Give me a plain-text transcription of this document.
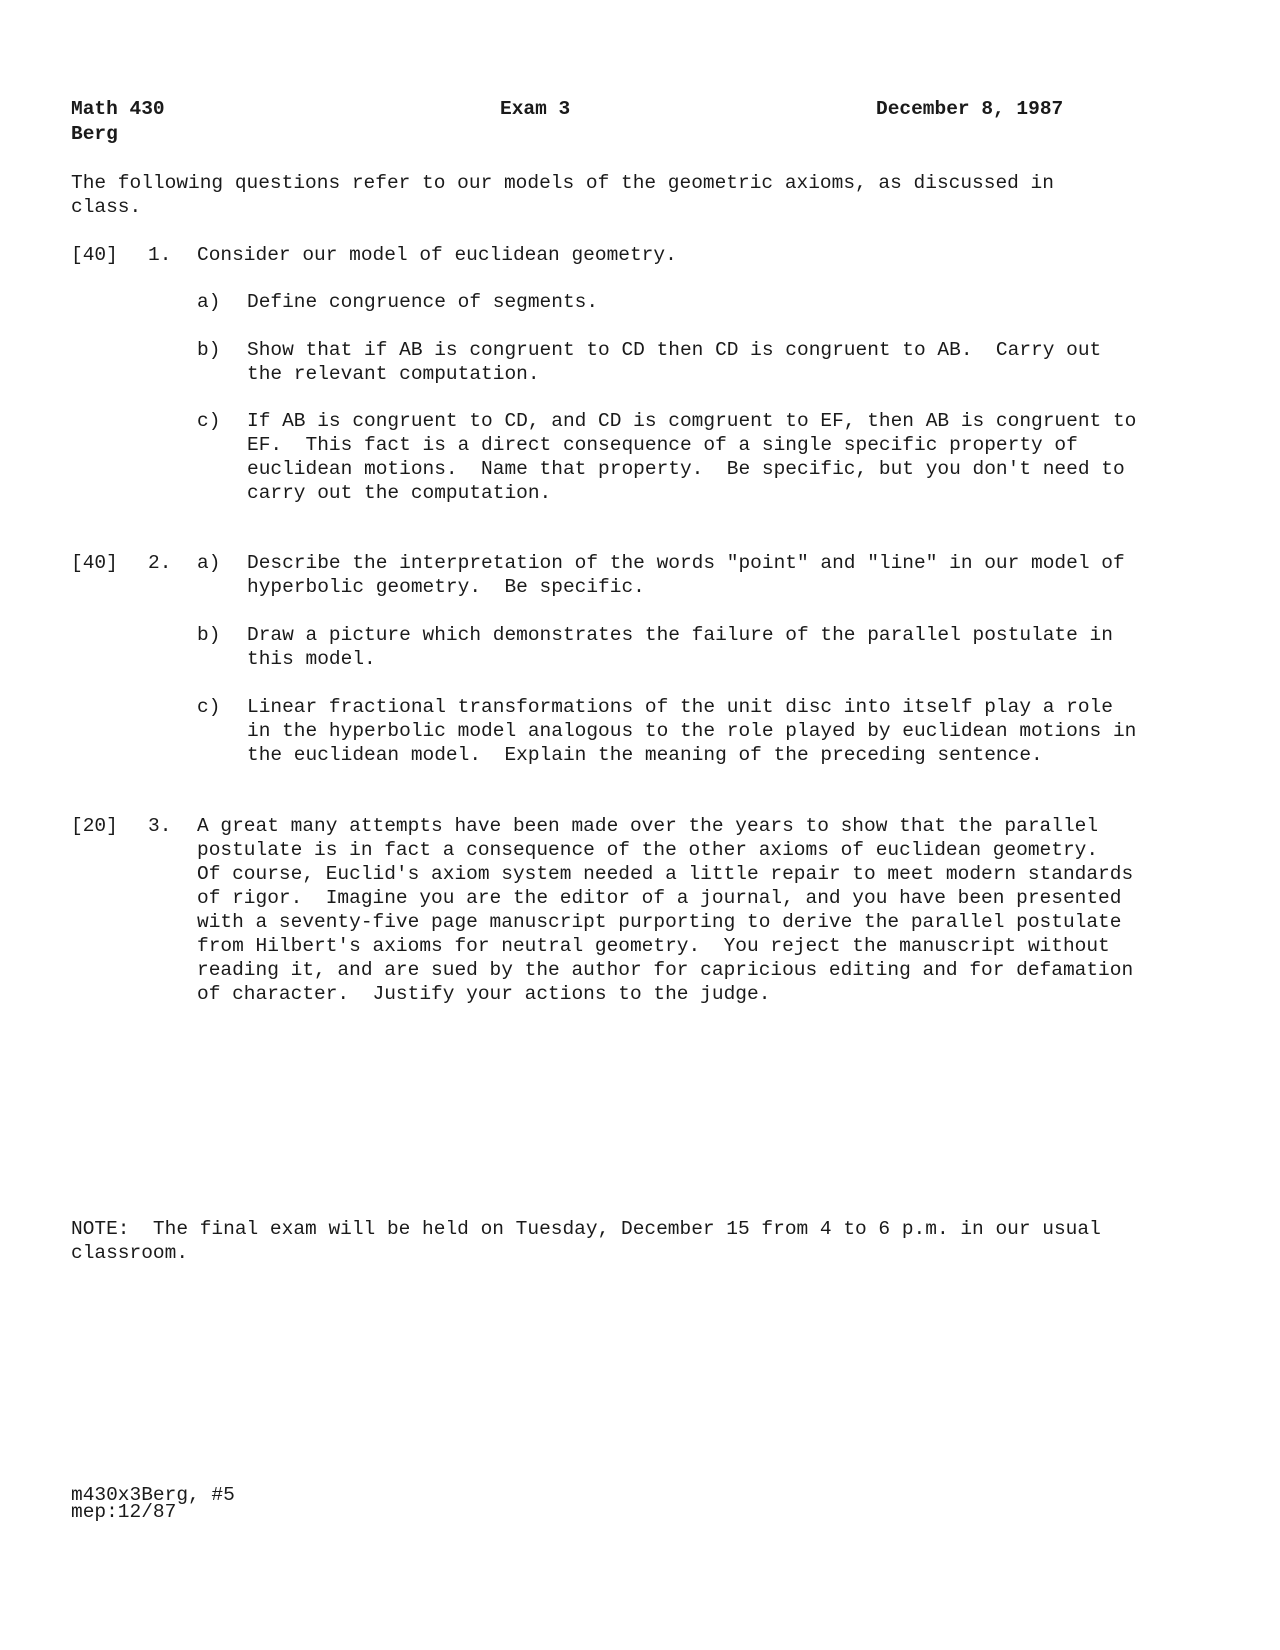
Math 430
Berg
Exam 3	December 8, 1987
The following questions refer to our models of the geometric axioms, as discussed in
class.
[40] 1. Consider our model of euclidean geometry.
a) Define congruence of segments.
b) Show that if AB is congruent to CD then CD is congruent to AB.  Carry out
the relevant computation.
c) If AB is congruent to CD, and CD is comgruent to EF, then AB is congruent to
EF.  This fact is a direct consequence of a single specific property of
euclidean motions.  Name that property.  Be specific, but you don't need to
carry out the computation.
[40] 2. a) Describe the interpretation of the words "point" and "line" in our model of
hyperbolic geometry.  Be specific.
b) Draw a picture which demonstrates the failure of the parallel postulate in
this model.
c) Linear fractional transformations of the unit disc into itself play a role
in the hyperbolic model analogous to the role played by euclidean motions in
the euclidean model.  Explain the meaning of the preceding sentence.
[20] 3. A great many attempts have been made over the years to show that the parallel
postulate is in fact a consequence of the other axioms of euclidean geometry.
Of course, Euclid's axiom system needed a little repair to meet modern standards
of rigor.  Imagine you are the editor of a journal, and you have been presented
with a seventy-five page manuscript purporting to derive the parallel postulate
from Hilbert's axioms for neutral geometry.  You reject the manuscript without
reading it, and are sued by the author for capricious editing and for defamation
of character.  Justify your actions to the judge.
NOTE:  The final exam will be held on Tuesday, December 15 from 4 to 6 p.m. in our usual
classroom.
m430x3Berg, #5
mep:12/87
